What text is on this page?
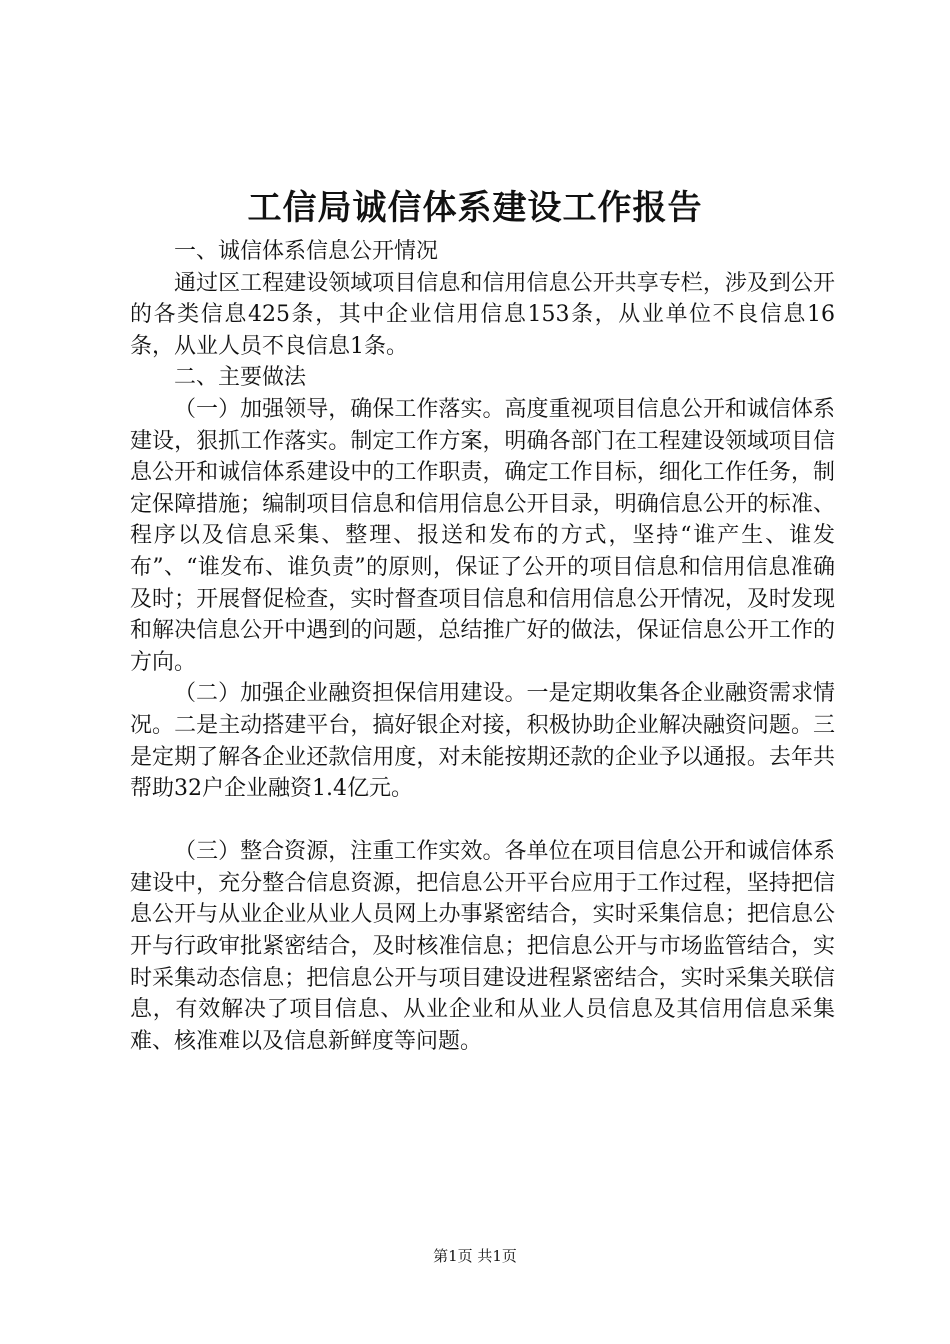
工信局诚信体系建设工作报告

一、诚信体系信息公开情况

通过区工程建设领域项目信息和信用信息公开共享专栏，涉及到公开的各类信息425条，其中企业信用信息153条，从业单位不良信息16条，从业人员不良信息1条。

二、主要做法

（一）加强领导，确保工作落实。高度重视项目信息公开和诚信体系建设，狠抓工作落实。制定工作方案，明确各部门在工程建设领域项目信息公开和诚信体系建设中的工作职责，确定工作目标，细化工作任务，制定保障措施；编制项目信息和信用信息公开目录，明确信息公开的标准、程序以及信息采集、整理、报送和发布的方式，坚持“谁产生、谁发布”、“谁发布、谁负责”的原则，保证了公开的项目信息和信用信息准确及时；开展督促检查，实时督查项目信息和信用信息公开情况，及时发现和解决信息公开中遇到的问题，总结推广好的做法，保证信息公开工作的方向。

（二）加强企业融资担保信用建设。一是定期收集各企业融资需求情况。二是主动搭建平台，搞好银企对接，积极协助企业解决融资问题。三是定期了解各企业还款信用度，对未能按期还款的企业予以通报。去年共帮助32户企业融资1.4亿元。

（三）整合资源，注重工作实效。各单位在项目信息公开和诚信体系建设中，充分整合信息资源，把信息公开平台应用于工作过程，坚持把信息公开与从业企业从业人员网上办事紧密结合，实时采集信息；把信息公开与行政审批紧密结合，及时核准信息；把信息公开与市场监管结合，实时采集动态信息；把信息公开与项目建设进程紧密结合，实时采集关联信息，有效解决了项目信息、从业企业和从业人员信息及其信用信息采集难、核准难以及信息新鲜度等问题。

第1页 共1页
